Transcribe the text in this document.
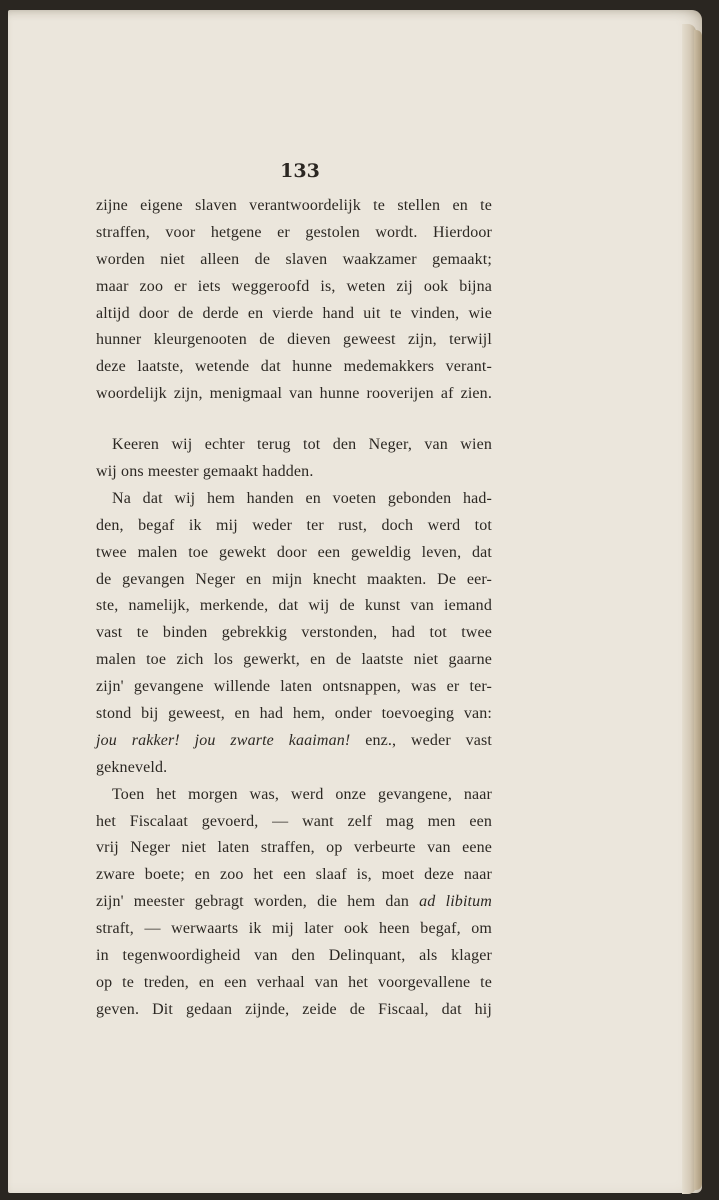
133
zijne eigene slaven verantwoordelijk te stellen en te
straffen, voor hetgene er gestolen wordt. Hierdoor
worden niet alleen de slaven waakzamer gemaakt;
maar zoo er iets weggeroofd is, weten zij ook bijna
altijd door de derde en vierde hand uit te vinden, wie
hunner kleurgenooten de dieven geweest zijn, terwijl
deze laatste, wetende dat hunne medemakkers verant-
woordelijk zijn, menigmaal van hunne rooverijen af zien.
Keeren wij echter terug tot den Neger, van wien
wij ons meester gemaakt hadden.
Na dat wij hem handen en voeten gebonden had-
den, begaf ik mij weder ter rust, doch werd tot
twee malen toe gewekt door een geweldig leven, dat
de gevangen Neger en mijn knecht maakten. De eer-
ste, namelijk, merkende, dat wij de kunst van iemand
vast te binden gebrekkig verstonden, had tot twee
malen toe zich los gewerkt, en de laatste niet gaarne
zijn' gevangene willende laten ontsnappen, was er ter-
stond bij geweest, en had hem, onder toevoeging van:
jou rakker! jou zwarte kaaiman! enz., weder vast
gekneveld.
Toen het morgen was, werd onze gevangene, naar
het Fiscalaat gevoerd, — want zelf mag men een
vrij Neger niet laten straffen, op verbeurte van eene
zware boete; en zoo het een slaaf is, moet deze naar
zijn' meester gebragt worden, die hem dan ad libitum
straft, — werwaarts ik mij later ook heen begaf, om
in tegenwoordigheid van den Delinquant, als klager
op te treden, en een verhaal van het voorgevallene te
geven. Dit gedaan zijnde, zeide de Fiscaal, dat hij
